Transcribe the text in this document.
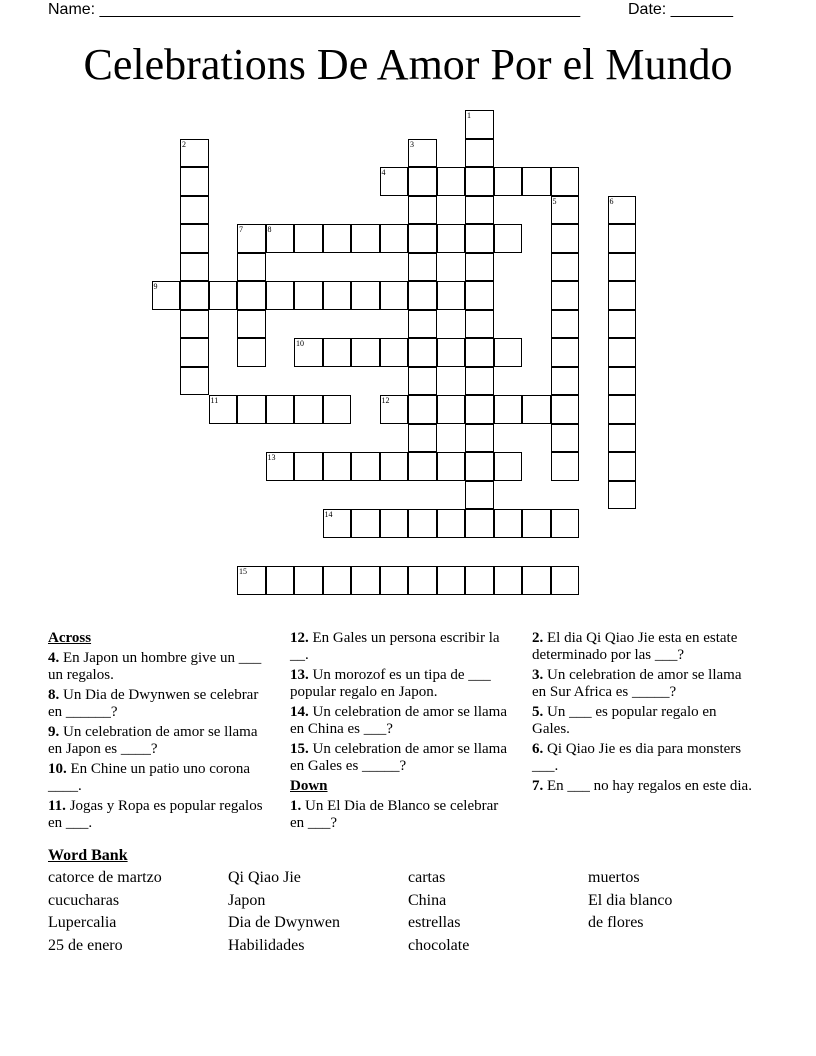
Name: ______________________________________________________	Date: _______
Celebrations De Amor Por el Mundo
1
2	3
4
5	6
7	8
9
10
11	12
13
14
15
Across
4. En Japon un hombre give un ___ un regalos.
8. Un Dia de Dwynwen se celebrar en ______?
9. Un celebration de amor se llama en Japon es ____?
10. En Chine un patio uno corona ____.
11. Jogas y Ropa es popular regalos en ___.
12. En Gales un persona escribir la __.
13. Un morozof es un tipa de ___ popular regalo en Japon.
14. Un celebration de amor se llama en China es ___?
15. Un celebration de amor se llama en Gales es _____?
Down
1. Un El Dia de Blanco se celebrar en ___?
2. El dia Qi Qiao Jie esta en estate determinado por las ___?
3. Un celebration de amor se llama en Sur Africa es _____?
5. Un ___ es popular regalo en Gales.
6. Qi Qiao Jie es dia para monsters ___.
7. En ___ no hay regalos en este dia.
Word Bank
catorce de martzo	Qi Qiao Jie	cartas	muertos
cucucharas	Japon	China	El dia blanco
Lupercalia	Dia de Dwynwen	estrellas	de flores
25 de enero	Habilidades	chocolate
